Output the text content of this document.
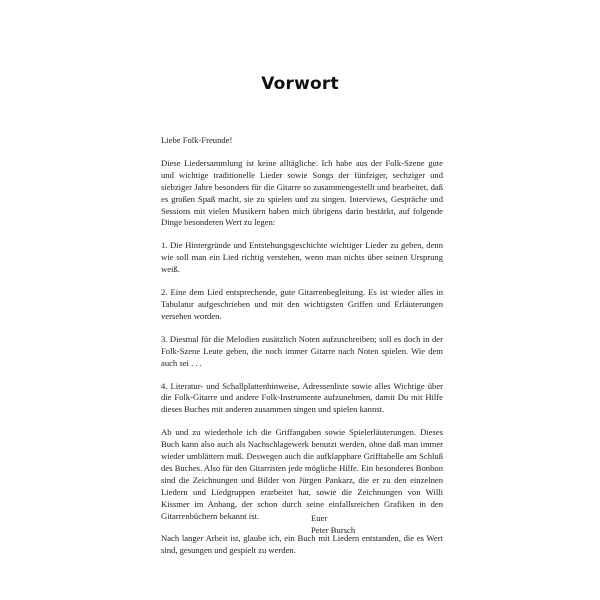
Vorwort

Liebe Folk-Freunde!

Diese Liedersammlung ist keine alltägliche. Ich habe aus der Folk-Szene gute und wichtige traditionelle Lieder sowie Songs der fünfziger, sechziger und siebziger Jahre besonders für die Gitarre so zusammengestellt und bearbeitet, daß es großen Spaß macht, sie zu spielen und zu singen. Interviews, Gespräche und Sessions mit vielen Musikern haben mich übrigens darin bestärkt, auf folgende Dinge besonderen Wert zu legen:

1. Die Hintergründe und Entstehungsgeschichte wichtiger Lieder zu geben, denn wie soll man ein Lied richtig verstehen, wenn man nichts über seinen Ursprung weiß.

2. Eine dem Lied entsprechende, gute Gitarrenbegleitung. Es ist wieder alles in Tabulatur aufgeschrieben und mit den wichtigsten Griffen und Erläuterungen versehen worden.

3. Diesmal für die Melodien zusätzlich Noten aufzuschreiben; soll es doch in der Folk-Szene Leute geben, die noch immer Gitarre nach Noten spielen. Wie dem auch sei . . .

4. Literatur- und Schallplattenhinweise, Adressenliste sowie alles Wichtige über die Folk-Gitarre und andere Folk-Instrumente aufzunehmen, damit Du mit Hilfe dieses Buches mit anderen zusammen singen und spielen kannst.

Ab und zu wiederhole ich die Griffangaben sowie Spielerläuterungen. Dieses Buch kann also auch als Nachschlagewerk benutzt werden, ohne daß man immer wieder umblättern muß. Deswegen auch die aufklappbare Grifftabelle am Schluß des Buches. Also für den Gitarristen jede mögliche Hilfe. Ein besonderes Bonbon sind die Zeichnungen und Bilder von Jürgen Pankarz, die er zu den einzelnen Liedern und Liedgruppen erarbeitet hat, sowie die Zeichnungen von Willi Kissmer im Anhang, der schon durch seine einfallsreichen Grafiken in den Gitarrenbüchern bekannt ist.

Nach langer Arbeit ist, glaube ich, ein Buch mit Liedern entstanden, die es Wert sind, gesungen und gespielt zu werden.

Euer
Peter Bursch
